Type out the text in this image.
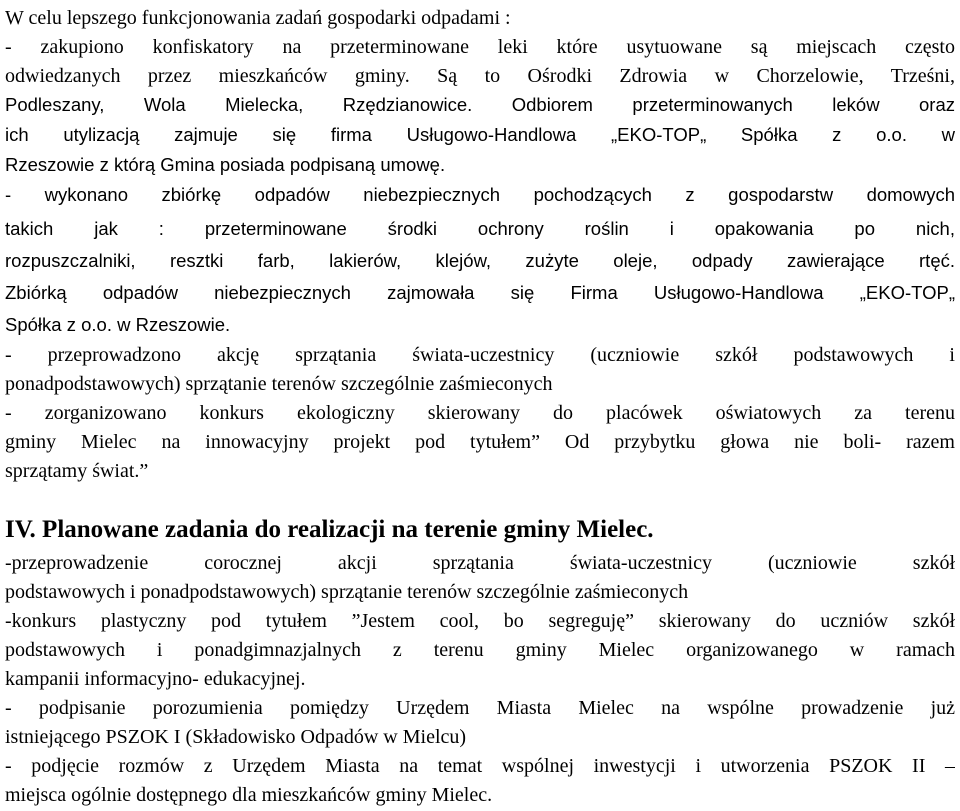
W celu lepszego funkcjonowania zadań gospodarki odpadami :
- zakupiono konfiskatory na przeterminowane leki które usytuowane są miejscach często
odwiedzanych przez mieszkańców gminy. Są to Ośrodki Zdrowia w Chorzelowie, Trześni,
Podleszany, Wola Mielecka, Rzędzianowice. Odbiorem przeterminowanych leków oraz
ich utylizacją zajmuje się firma Usługowo-Handlowa „EKO-TOP„ Spółka z o.o. w
Rzeszowie z którą Gmina posiada podpisaną umowę.
- wykonano zbiórkę odpadów niebezpiecznych pochodzących z gospodarstw domowych
takich jak : przeterminowane środki ochrony roślin i opakowania po nich,
rozpuszczalniki, resztki farb, lakierów, klejów, zużyte oleje, odpady zawierające rtęć.
Zbiórką odpadów niebezpiecznych zajmowała się Firma Usługowo-Handlowa „EKO-TOP„
Spółka z o.o. w Rzeszowie.
- przeprowadzono akcję sprzątania świata-uczestnicy (uczniowie szkół podstawowych i
ponadpodstawowych) sprzątanie terenów szczególnie zaśmieconych
- zorganizowano konkurs ekologiczny skierowany do placówek oświatowych za terenu
gminy Mielec na innowacyjny projekt pod tytułem” Od przybytku głowa nie boli- razem
sprzątamy świat.”
IV. Planowane zadania do realizacji na terenie gminy Mielec.
-przeprowadzenie corocznej akcji sprzątania świata-uczestnicy (uczniowie szkół
podstawowych i ponadpodstawowych) sprzątanie terenów szczególnie zaśmieconych
-konkurs plastyczny pod tytułem ”Jestem cool, bo segreguję” skierowany do uczniów szkół
podstawowych i ponadgimnazjalnych z terenu gminy Mielec organizowanego w ramach
kampanii informacyjno- edukacyjnej.
- podpisanie porozumienia pomiędzy Urzędem Miasta Mielec na wspólne prowadzenie już
istniejącego PSZOK I (Składowisko Odpadów w Mielcu)
- podjęcie rozmów z Urzędem Miasta na temat wspólnej inwestycji i utworzenia PSZOK II –
miejsca ogólnie dostępnego dla mieszkańców gminy Mielec.
